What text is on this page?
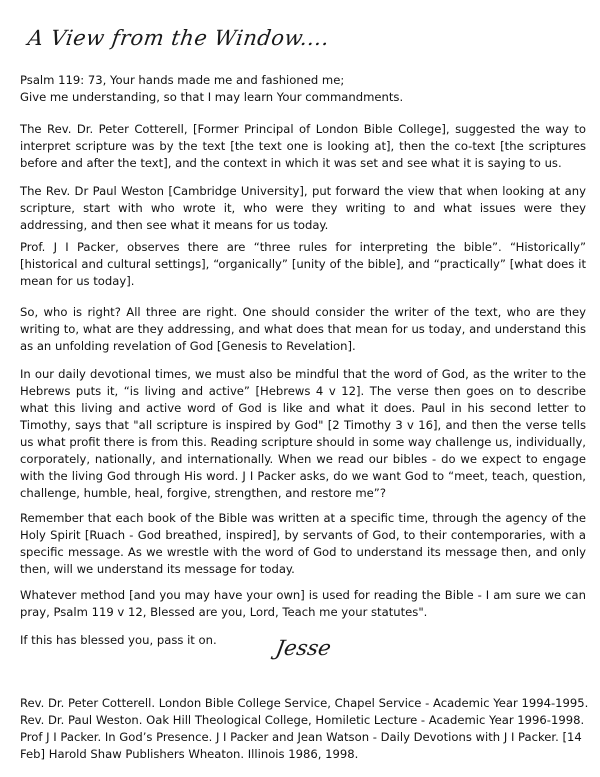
A View from the Window....
Psalm 119: 73, Your hands made me and fashioned me;
Give me understanding, so that I may learn Your commandments.

The Rev. Dr. Peter Cotterell, [Former Principal of London Bible College], suggested the way to interpret scripture was by the text [the text one is looking at], then the co-text [the scriptures before and after the text], and the context in which it was set and see what it is saying to us.

The Rev. Dr Paul Weston [Cambridge University], put forward the view that when looking at any scripture, start with who wrote it, who were they writing to and what issues were they addressing, and then see what it means for us today.

Prof. J I Packer, observes there are “three rules for interpreting the bible”. “Historically” [historical and cultural settings], “organically” [unity of the bible], and “practically” [what does it mean for us today].

So, who is right? All three are right. One should consider the writer of the text, who are they writing to, what are they addressing, and what does that mean for us today, and understand this as an unfolding revelation of God [Genesis to Revelation].

In our daily devotional times, we must also be mindful that the word of God, as the writer to the Hebrews puts it, “is living and active” [Hebrews 4 v 12]. The verse then goes on to describe what this living and active word of God is like and what it does. Paul in his second letter to Timothy, says that "all scripture is inspired by God" [2 Timothy 3 v 16], and then the verse tells us what profit there is from this. Reading scripture should in some way challenge us, individually, corporately, nationally, and internationally. When we read our bibles - do we expect to engage with the living God through His word. J I Packer asks, do we want God to “meet, teach, question, challenge, humble, heal, forgive, strengthen, and restore me”?

Remember that each book of the Bible was written at a specific time, through the agency of the Holy Spirit [Ruach - God breathed, inspired], by servants of God, to their contemporaries, with a specific message. As we wrestle with the word of God to understand its message then, and only then, will we understand its message for today.

Whatever method [and you may have your own] is used for reading the Bible - I am sure we can pray, Psalm 119 v 12, Blessed are you, Lord, Teach me your statutes".

If this has blessed you, pass it on.	Jesse
Rev. Dr. Peter Cotterell. London Bible College Service, Chapel Service - Academic Year 1994-1995.
Rev. Dr. Paul Weston. Oak Hill Theological College, Homiletic Lecture - Academic Year 1996-1998.
Prof J I Packer. In God’s Presence. J I Packer and Jean Watson - Daily Devotions with J I Packer. [14 Feb] Harold Shaw Publishers Wheaton. Illinois 1986, 1998.
